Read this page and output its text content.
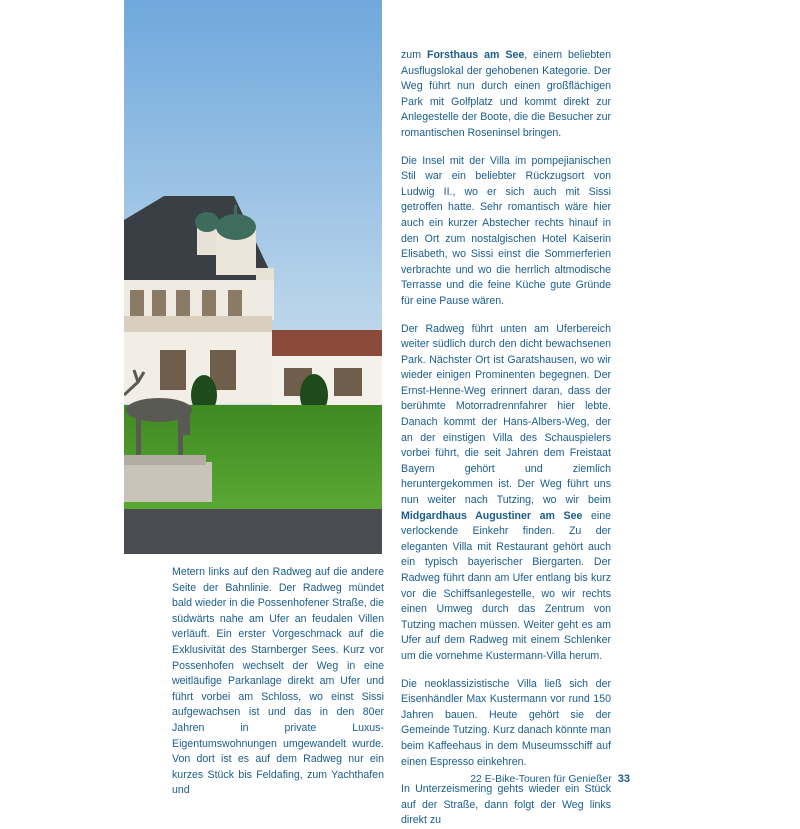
Metern links auf den Radweg auf die andere Seite der Bahnlinie. Der Radweg mündet bald wieder in die Possenhofener Straße, die südwärts nahe am Ufer an feudalen Villen verläuft. Ein erster Vorgeschmack auf die Exklusivität des Starnberger Sees. Kurz vor Possenhofen wechselt der Weg in eine weitläufige Parkanlage direkt am Ufer und führt vorbei am Schloss, wo einst Sissi aufgewachsen ist und das in den 80er Jahren in private Luxus-Eigentumswohnungen umgewandelt wurde. Von dort ist es auf dem Radweg nur ein kurzes Stück bis Feldafing, zum Yachthafen und

zum Forsthaus am See, einem beliebten Ausflugslokal der gehobenen Kategorie. Der Weg führt nun durch einen großflächigen Park mit Golfplatz und kommt direkt zur Anlegestelle der Boote, die die Besucher zur romantischen Roseninsel bringen.

Die Insel mit der Villa im pompejianischen Stil war ein beliebter Rückzugsort von Ludwig II., wo er sich auch mit Sissi getroffen hatte. Sehr romantisch wäre hier auch ein kurzer Abstecher rechts hinauf in den Ort zum nostalgischen Hotel Kaiserin Elisabeth, wo Sissi einst die Sommerferien verbrachte und wo die herrlich altmodische Terrasse und die feine Küche gute Gründe für eine Pause wären.

Der Radweg führt unten am Uferbereich weiter südlich durch den dicht bewachsenen Park. Nächster Ort ist Garatshausen, wo wir wieder einigen Prominenten begegnen. Der Ernst-Henne-Weg erinnert daran, dass der berühmte Motorradrennfahrer hier lebte. Danach kommt der Hans-Albers-Weg, der an der einstigen Villa des Schauspielers vorbei führt, die seit Jahren dem Freistaat Bayern gehört und ziemlich heruntergekommen ist. Der Weg führt uns nun weiter nach Tutzing, wo wir beim Midgardhaus Augustiner am See eine verlockende Einkehr finden. Zu der eleganten Villa mit Restaurant gehört auch ein typisch bayerischer Biergarten. Der Radweg führt dann am Ufer entlang bis kurz vor die Schiffsanlegestelle, wo wir rechts einen Umweg durch das Zentrum von Tutzing machen müssen. Weiter geht es am Ufer auf dem Radweg mit einem Schlenker um die vornehme Kustermann-Villa herum.

Die neoklassizistische Villa ließ sich der Eisenhändler Max Kustermann vor rund 150 Jahren bauen. Heute gehört sie der Gemeinde Tutzing. Kurz danach könnte man beim Kaffeehaus in dem Museumsschiff auf einen Espresso einkehren.

In Unterzeismering gehts wieder ein Stück auf der Straße, dann folgt der Weg links direkt zu

22 E-Bike-Touren für Genießer 33
